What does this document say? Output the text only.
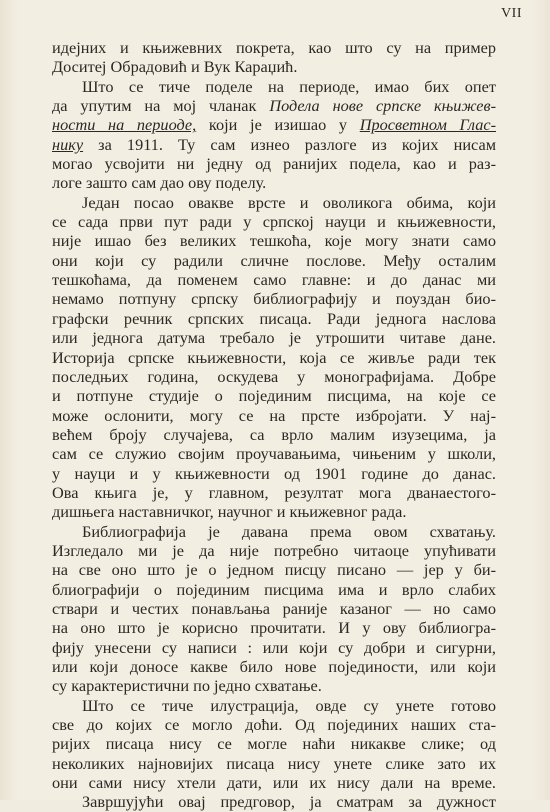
VII
идејних и књижевних покрета, као што су на пример
Доситеј Обрадовић и Вук Караџић.
Што се тиче поделе на периоде, имао бих опет
да упутим на мој чланак Подела нове српске књижев-
ности на периоде, који је изишао у Просветном Глас-
нику за 1911. Ту сам изнео разлоге из којих нисам
могао усвојити ни једну од ранијих подела, као и раз-
логе зашто сам дао ову поделу.
Један посао овакве врсте и оволикога обима, који
се сада први пут ради у српској науци и књижевности,
није ишао без великих тешкоћа, које могу знати само
они који су радили сличне послове. Међу осталим
тешкоћама, да поменем само главне: и до данас ми
немамо потпуну српску библиографију и поуздан био-
графски речник српских писаца. Ради једнога наслова
или једнога датума требало је утрошити читаве дане.
Историја српске књижевности, која се живље ради тек
последњих година, оскудева у монографијама. Добре
и потпуне студије о појединим писцима, на које се
може ослонити, могу се на прсте избројати. У нај-
већем броју случајева, са врло малим изузецима, ја
сам се служио својим проучавањима, чињеним у школи,
у науци и у књижевности од 1901 године до данас.
Ова књига је, у главном, резултат мога дванаестого-
дишњега наставничког, научног и књижевног рада.
Библиографија је давана према овом схватању.
Изгледало ми је да није потребно читаоце упућивати
на све оно што је о једном писцу писано — јер у би-
блиографији о појединим писцима има и врло слабих
ствари и честих понављања раније казаног — но само
на оно што је корисно прочитати. И у ову библиогра-
фију унесени су написи : или који су добри и сигурни,
или који доносе какве било нове појединости, или који
су карактеристични по једно схватање.
Што се тиче илустрација, овде су унете готово
све до којих се могло доћи. Од појединих наших ста-
ријих писаца нису се могле наћи никакве слике; од
неколиких најновијих писаца нису унете слике зато их
они сами нису хтели дати, или их нису дали на време.
Завршујући овај предговор, ја сматрам за дужност
